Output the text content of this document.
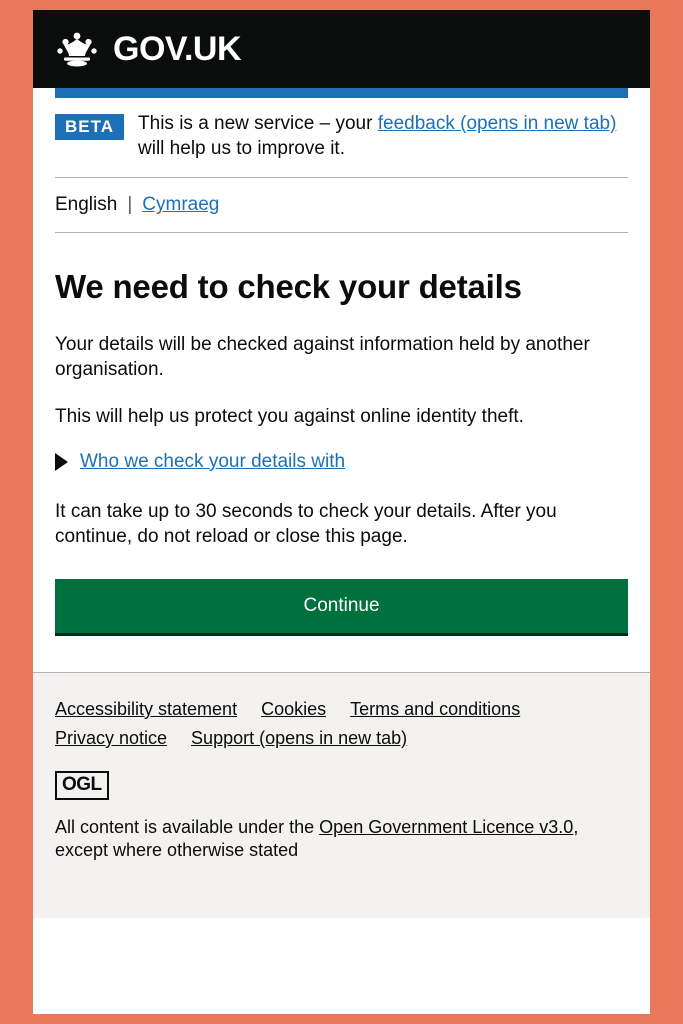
GOV.UK
BETA	This is a new service – your feedback (opens in new tab) will help us to improve it.
English | Cymraeg
We need to check your details

Your details will be checked against information held by another organisation.

This will help us protect you against online identity theft.

Who we check your details with

It can take up to 30 seconds to check your details. After you continue, do not reload or close this page.

Continue
Accessibility statement Cookies Terms and conditions
Privacy notice Support (opens in new tab)
OGL
All content is available under the Open Government Licence v3.0, except where otherwise stated
